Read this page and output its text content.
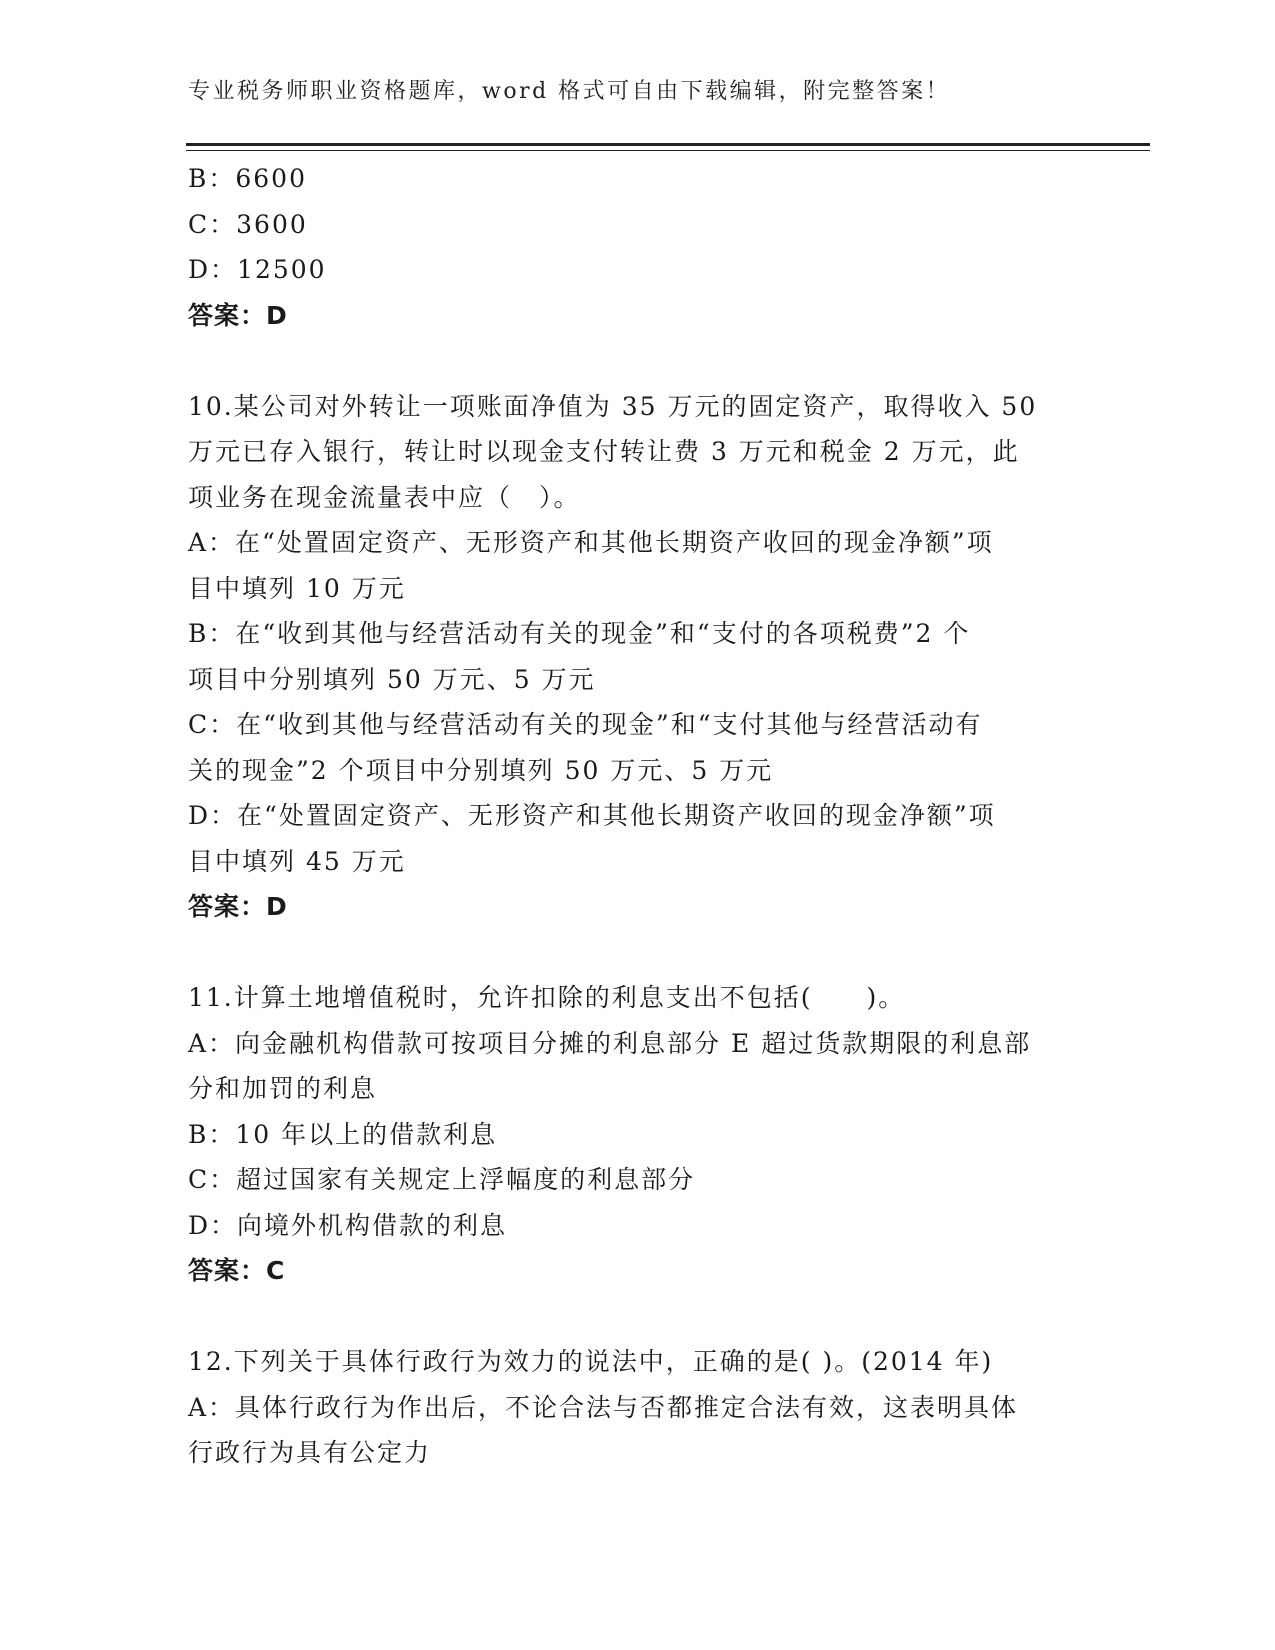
专业税务师职业资格题库，word 格式可自由下载编辑，附完整答案！
B：6600
C：3600
D：12500
答案：D
10.某公司对外转让一项账面净值为 35 万元的固定资产，取得收入 50
万元已存入银行，转让时以现金支付转让费 3 万元和税金 2 万元，此
项业务在现金流量表中应（　）。
A：在“处置固定资产、无形资产和其他长期资产收回的现金净额”项
目中填列 10 万元
B：在“收到其他与经营活动有关的现金”和“支付的各项税费”2 个
项目中分别填列 50 万元、5 万元
C：在“收到其他与经营活动有关的现金”和“支付其他与经营活动有
关的现金”2 个项目中分别填列 50 万元、5 万元
D：在“处置固定资产、无形资产和其他长期资产收回的现金净额”项
目中填列 45 万元
答案：D
11.计算土地增值税时，允许扣除的利息支出不包括(　　)。
A：向金融机构借款可按项目分摊的利息部分 E 超过货款期限的利息部
分和加罚的利息
B：10 年以上的借款利息
C：超过国家有关规定上浮幅度的利息部分
D：向境外机构借款的利息
答案：C
12.下列关于具体行政行为效力的说法中，正确的是( )。(2014 年)
A：具体行政行为作出后，不论合法与否都推定合法有效，这表明具体
行政行为具有公定力
